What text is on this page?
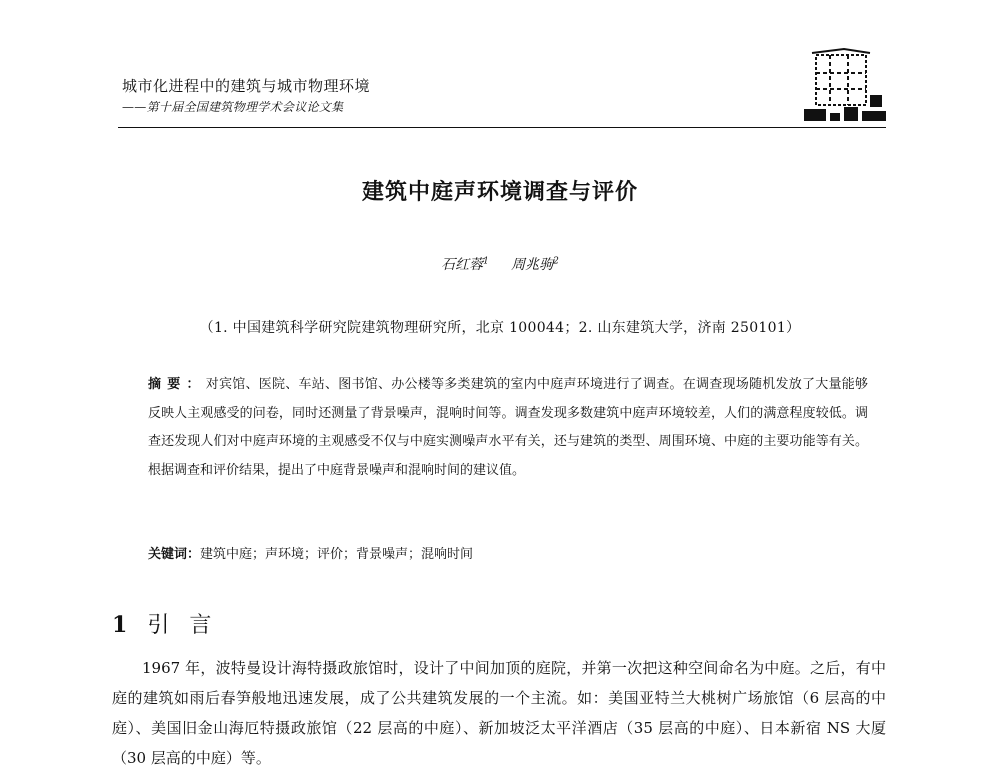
城市化进程中的建筑与城市物理环境
——第十届全国建筑物理学术会议论文集
建筑中庭声环境调查与评价
石红蓉$^1$ 周兆驹$^2$
（1. 中国建筑科学研究院建筑物理研究所，北京 100044；2. 山东建筑大学，济南 250101）
摘要：对宾馆、医院、车站、图书馆、办公楼等多类建筑的室内中庭声环境进行了调查。在调查现场随机发放了大量能够反映人主观感受的问卷，同时还测量了背景噪声，混响时间等。调查发现多数建筑中庭声环境较差，人们的满意程度较低。调查还发现人们对中庭声环境的主观感受不仅与中庭实测噪声水平有关，还与建筑的类型、周围环境、中庭的主要功能等有关。根据调查和评价结果，提出了中庭背景噪声和混响时间的建议值。
关键词：建筑中庭；声环境；评价；背景噪声；混响时间
1 引言
1967 年，波特曼设计海特摄政旅馆时，设计了中间加顶的庭院，并第一次把这种空间命名为中庭。之后，有中庭的建筑如雨后春笋般地迅速发展，成了公共建筑发展的一个主流。如：美国亚特兰大桃树广场旅馆（6 层高的中庭）、美国旧金山海厄特摄政旅馆（22 层高的中庭）、新加坡泛太平洋酒店（35 层高的中庭）、日本新宿 NS 大厦（30 层高的中庭）等。
